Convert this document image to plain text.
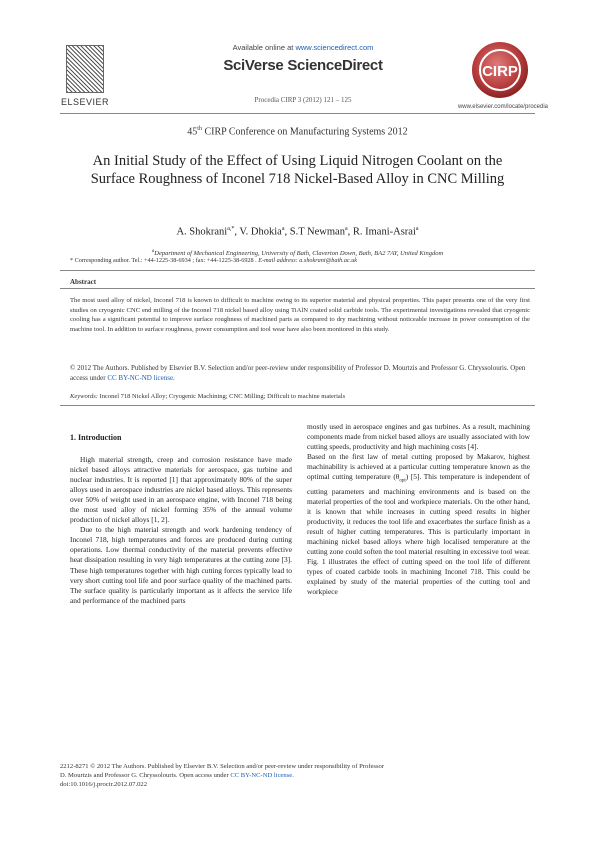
ELSEVIER
Available online at www.sciencedirect.com
SciVerse ScienceDirect
Procedia CIRP 3 (2012) 121 – 125
CIRP
www.elsevier.com/locate/procedia
45th CIRP Conference on Manufacturing Systems 2012
An Initial Study of the Effect of Using Liquid Nitrogen Coolant on the Surface Roughness of Inconel 718 Nickel-Based Alloy in CNC Milling
A. Shokrani$^{a,*}$, V. Dhokia$^a$, S.T Newman$^a$, R. Imani-Asrai$^a$
$^a$Department of Mechanical Engineering, University of Bath, Claverton Down, Bath, BA2 7AY, United Kingdom
* Corresponding author. Tel.: +44-1225-38-6934 ; fax: +44-1225-38-6928 . E-mail address: a.shokrani@bath.ac.uk
Abstract
The most used alloy of nickel, Inconel 718 is known to difficult to machine owing to its superior material and physical properties. This paper presents one of the very first studies on cryogenic CNC end milling of the Inconel 718 nickel based alloy using TiAlN coated solid carbide tools. The experimental investigations revealed that cryogenic cooling has a significant potential to improve surface roughness of machined parts as compared to dry machining without noticeable increase in power consumption of the machine tool. In addition to surface roughness, power consumption and tool wear have also been monitored in this study.
© 2012 The Authors. Published by Elsevier B.V. Selection and/or peer-review under responsibility of Professor D. Mourtzis and Professor G. Chryssolouris. Open access under CC BY-NC-ND license.
Keywords: Inconel 718 Nickel Alloy; Cryogenic Machining; CNC Milling; Difficult to machine materials
1. Introduction

High material strength, creep and corrosion resistance have made nickel based alloys attractive materials for aerospace, gas turbine and nuclear industries. It is reported [1] that approximately 80% of the super alloys used in aerospace industries are nickel based alloys. This represents over 50% of weight used in an aerospace engine, with Inconel 718 being the most used alloy of nickel forming 35% of the annual volume production of nickel alloys [1, 2].

Due to the high material strength and work hardening tendency of Inconel 718, high temperatures and forces are produced during cutting operations. Low thermal conductivity of the material prevents effective heat dissipation resulting in very high temperatures at the cutting zone [3]. These high temperatures together with high cutting forces typically lead to very short cutting tool life and poor surface quality of the machined parts. The surface quality is particularly important as it affects the service life and performance of the machined parts

mostly used in aerospace engines and gas turbines. As a result, machining components made from nickel based alloys are usually associated with low cutting speeds, productivity and high machining costs [4].

Based on the first law of metal cutting proposed by Makarov, highest machinability is achieved at a particular cutting temperature known as the optimal cutting temperature $(\theta_{opt})$ [5]. This temperature is independent of cutting parameters and machining environments and is based on the material properties of the tool and workpiece materials. On the other hand, it is known that while increases in cutting speed results in higher productivity, it reduces the tool life and exacerbates the surface finish as a result of higher cutting temperatures. This is particularly important in machining nickel based alloys where high localised temperature at the cutting zone could soften the tool material resulting in excessive tool wear. Fig. 1 illustrates the effect of cutting speed on the tool life of different types of coated carbide tools in machining Inconel 718. This could be explained by study of the material properties of the cutting tool and workpiece

2212-8271 © 2012 The Authors. Published by Elsevier B.V. Selection and/or peer-review under responsibility of Professor
D. Mourtzis and Professor G. Chryssolouris. Open access under CC BY-NC-ND license.
doi:10.1016/j.procir.2012.07.022
